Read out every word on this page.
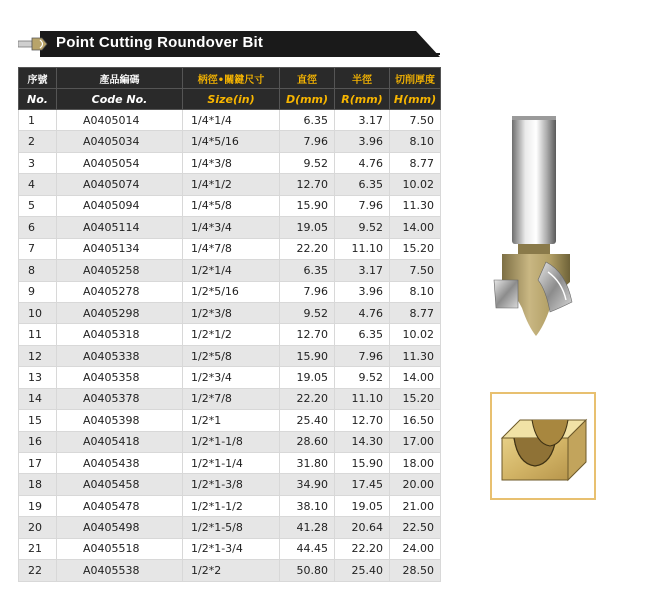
Point Cutting Roundover Bit
序號	產品編碼	柄徑•關鍵尺寸	直徑	半徑	切削厚度
No.	Code No.	Size(in)	D(mm)	R(mm)	H(mm)
1	A0405014	1/4*1/4	6.35	3.17	7.50
2	A0405034	1/4*5/16	7.96	3.96	8.10
3	A0405054	1/4*3/8	9.52	4.76	8.77
4	A0405074	1/4*1/2	12.70	6.35	10.02
5	A0405094	1/4*5/8	15.90	7.96	11.30
6	A0405114	1/4*3/4	19.05	9.52	14.00
7	A0405134	1/4*7/8	22.20	11.10	15.20
8	A0405258	1/2*1/4	6.35	3.17	7.50
9	A0405278	1/2*5/16	7.96	3.96	8.10
10	A0405298	1/2*3/8	9.52	4.76	8.77
11	A0405318	1/2*1/2	12.70	6.35	10.02
12	A0405338	1/2*5/8	15.90	7.96	11.30
13	A0405358	1/2*3/4	19.05	9.52	14.00
14	A0405378	1/2*7/8	22.20	11.10	15.20
15	A0405398	1/2*1	25.40	12.70	16.50
16	A0405418	1/2*1-1/8	28.60	14.30	17.00
17	A0405438	1/2*1-1/4	31.80	15.90	18.00
18	A0405458	1/2*1-3/8	34.90	17.45	20.00
19	A0405478	1/2*1-1/2	38.10	19.05	21.00
20	A0405498	1/2*1-5/8	41.28	20.64	22.50
21	A0405518	1/2*1-3/4	44.45	22.20	24.00
22	A0405538	1/2*2	50.80	25.40	28.50
